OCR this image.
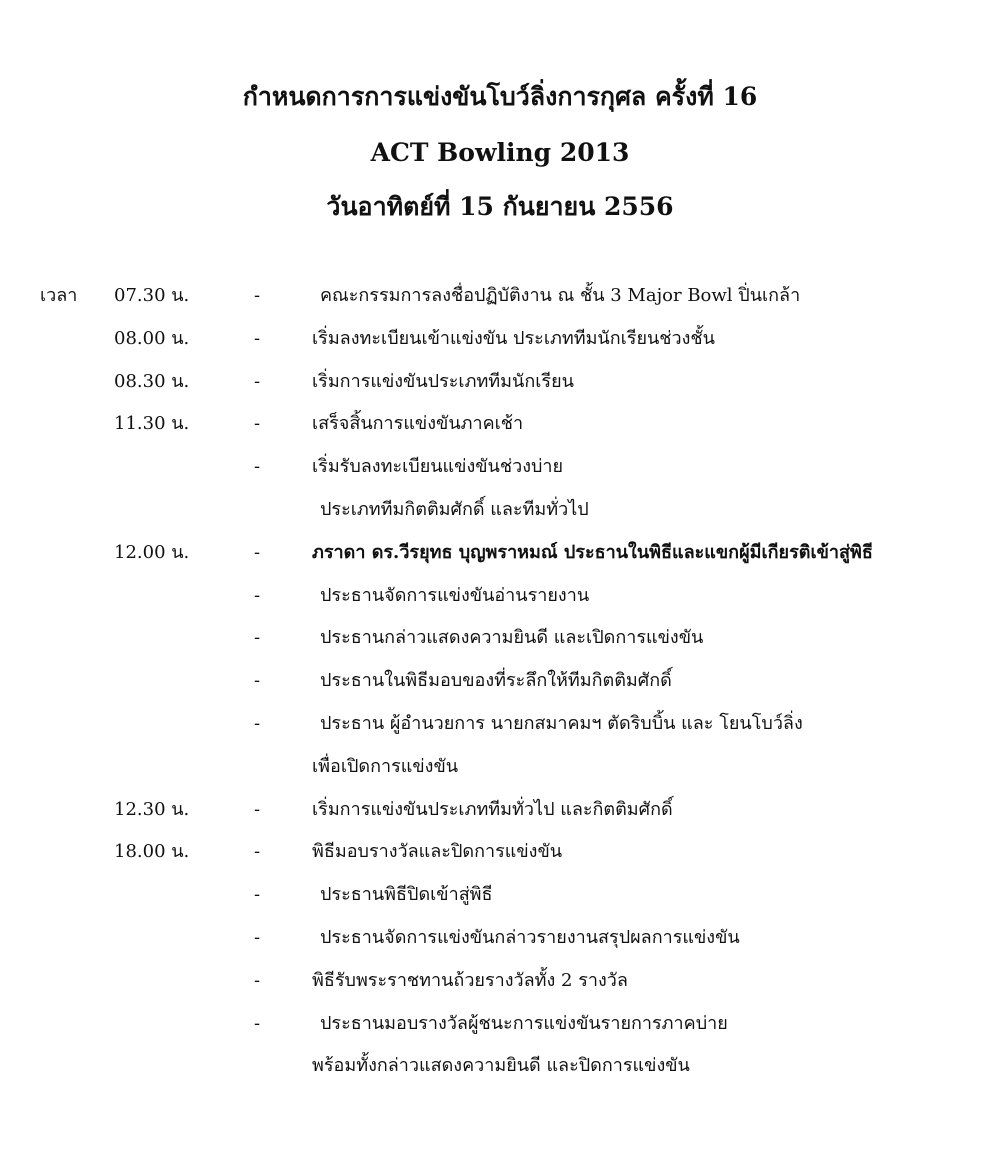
กำหนดการการแข่งขันโบว์ลิ่งการกุศล ครั้งที่ 16
ACT Bowling 2013
วันอาทิตย์ที่ 15 กันยายน 2556
เวลา 07.30 น.	-	คณะกรรมการลงชื่อปฏิบัติงาน ณ ชั้น 3 Major Bowl ปิ่นเกล้า
08.00 น.	-	เริ่มลงทะเบียนเข้าแข่งขัน ประเภททีมนักเรียนช่วงชั้น
08.30 น.	-	เริ่มการแข่งขันประเภททีมนักเรียน
11.30 น.	-	เสร็จสิ้นการแข่งขันภาคเช้า
-	เริ่มรับลงทะเบียนแข่งขันช่วงบ่าย
ประเภททีมกิตติมศักดิ์ และทีมทั่วไป
12.00 น.	-	ภราดา ดร.วีรยุทธ บุญพราหมณ์ ประธานในพิธีและแขกผู้มีเกียรติเข้าสู่พิธี
-	ประธานจัดการแข่งขันอ่านรายงาน
-	ประธานกล่าวแสดงความยินดี และเปิดการแข่งขัน
-	ประธานในพิธีมอบของที่ระลึกให้ทีมกิตติมศักดิ์
-	ประธาน ผู้อำนวยการ นายกสมาคมฯ ตัดริบบิ้น และ โยนโบว์ลิ่ง
เพื่อเปิดการแข่งขัน
12.30 น.	-	เริ่มการแข่งขันประเภททีมทั่วไป และกิตติมศักดิ์
18.00 น.	-	พิธีมอบรางวัลและปิดการแข่งขัน
-	ประธานพิธีปิดเข้าสู่พิธี
-	ประธานจัดการแข่งขันกล่าวรายงานสรุปผลการแข่งขัน
-	พิธีรับพระราชทานถ้วยรางวัลทั้ง 2 รางวัล
-	ประธานมอบรางวัลผู้ชนะการแข่งขันรายการภาคบ่าย
พร้อมทั้งกล่าวแสดงความยินดี และปิดการแข่งขัน
